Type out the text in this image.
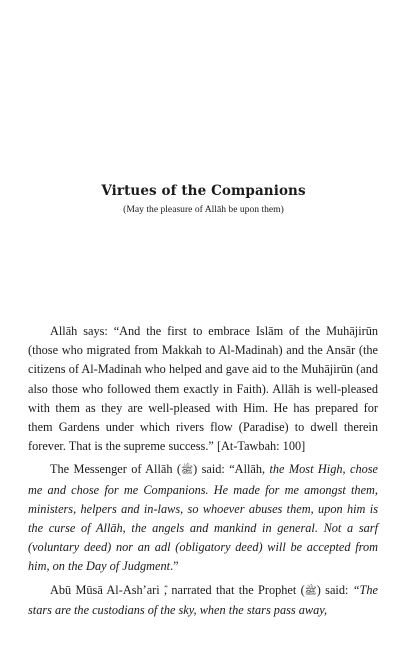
Virtues of the Companions
(May the pleasure of Allāh be upon them)

Allāh says: “And the first to embrace Islām of the Muhājirūn (those who migrated from Makkah to Al-Madinah) and the Ansār (the citizens of Al-Madinah who helped and gave aid to the Muhājirūn (and also those who followed them exactly in Faith). Allāh is well-pleased with them as they are well-pleased with Him. He has prepared for them Gardens under which rivers flow (Paradise) to dwell therein forever. That is the supreme success.” [At-Tawbah: 100]

The Messenger of Allāh (ﷺ) said: “Allāh, the Most High, chose me and chose for me Companions. He made for me amongst them, ministers, helpers and in-laws, so whoever abuses them, upon him is the curse of Allāh, the angels and mankind in general. Not a sarf (voluntary deed) nor an adl (obligatory deed) will be accepted from him, on the Day of Judgment.”

Abū Mūsā Al-Ash’ari , narrated that the Prophet (ﷺ) said: “The stars are the custodians of the sky, when the stars pass away,
